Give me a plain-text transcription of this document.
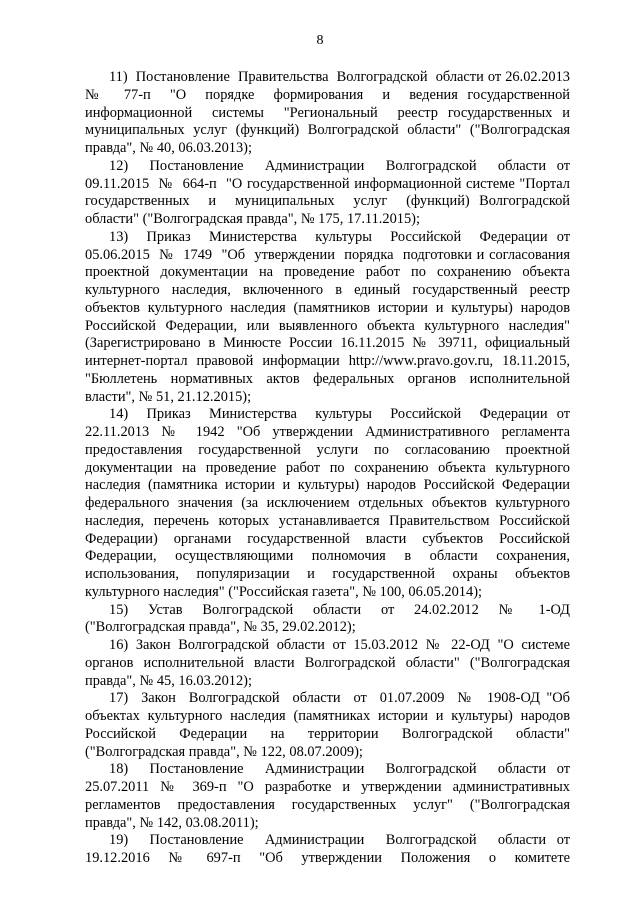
8

11)  Постановление  Правительства  Волгоградской  области от 26.02.2013  №  77-п  "О  порядке  формирования  и  ведения государственной  информационной  системы  "Региональный  реестр государственных и муниципальных услуг (функций) Волгоградской области" ("Волгоградская правда", № 40, 06.03.2013);

12)  Постановление  Администрации  Волгоградской  области от 09.11.2015  №  664-п  "О государственной информационной системе "Портал  государственных  и  муниципальных  услуг  (функций) Волгоградской области" ("Волгоградская правда", № 175, 17.11.2015);

13)  Приказ  Министерства  культуры  Российской  Федерации от 05.06.2015  №  1749  "Об  утверждении  порядка  подготовки и согласования проектной документации на проведение работ по сохранению объекта культурного наследия, включенного в единый государственный реестр объектов культурного наследия (памятников истории и культуры) народов Российской Федерации, или выявленного объекта культурного наследия" (Зарегистрировано в Минюсте России 16.11.2015 № 39711, официальный интернет-портал правовой информации http://www.pravo.gov.ru, 18.11.2015, "Бюллетень нормативных актов федеральных органов исполнительной власти", № 51, 21.12.2015);

14)  Приказ  Министерства  культуры  Российской  Федерации от 22.11.2013 № 1942 "Об утверждении Административного регламента предоставления государственной услуги по согласованию проектной документации на проведение работ по сохранению объекта культурного наследия (памятника истории и культуры) народов Российской Федерации федерального значения (за исключением отдельных объектов культурного наследия, перечень которых устанавливается Правительством Российской Федерации) органами государственной власти субъектов Российской Федерации, осуществляющими полномочия в области сохранения, использования, популяризации и государственной охраны объектов культурного наследия" ("Российская газета", № 100, 06.05.2014);

15)  Устав  Волгоградской  области  от  24.02.2012  №  1-ОД ("Волгоградская правда", № 35, 29.02.2012);

16) Закон Волгоградской области от 15.03.2012 № 22-ОД "О системе органов исполнительной власти Волгоградской области" ("Волгоградская правда", № 45, 16.03.2012);

17)  Закон  Волгоградской  области  от  01.07.2009  №  1908-ОД "Об объектах культурного наследия (памятниках истории и культуры) народов Российской Федерации на территории Волгоградской области" ("Волгоградская правда", № 122, 08.07.2009);

18)  Постановление  Администрации  Волгоградской  области от 25.07.2011 № 369-п "О разработке и утверждении административных регламентов предоставления государственных услуг" ("Волгоградская правда", № 142, 03.08.2011);

19)  Постановление  Администрации  Волгоградской  области от 19.12.2016  №  697-п  "Об  утверждении  Положения  о  комитете
